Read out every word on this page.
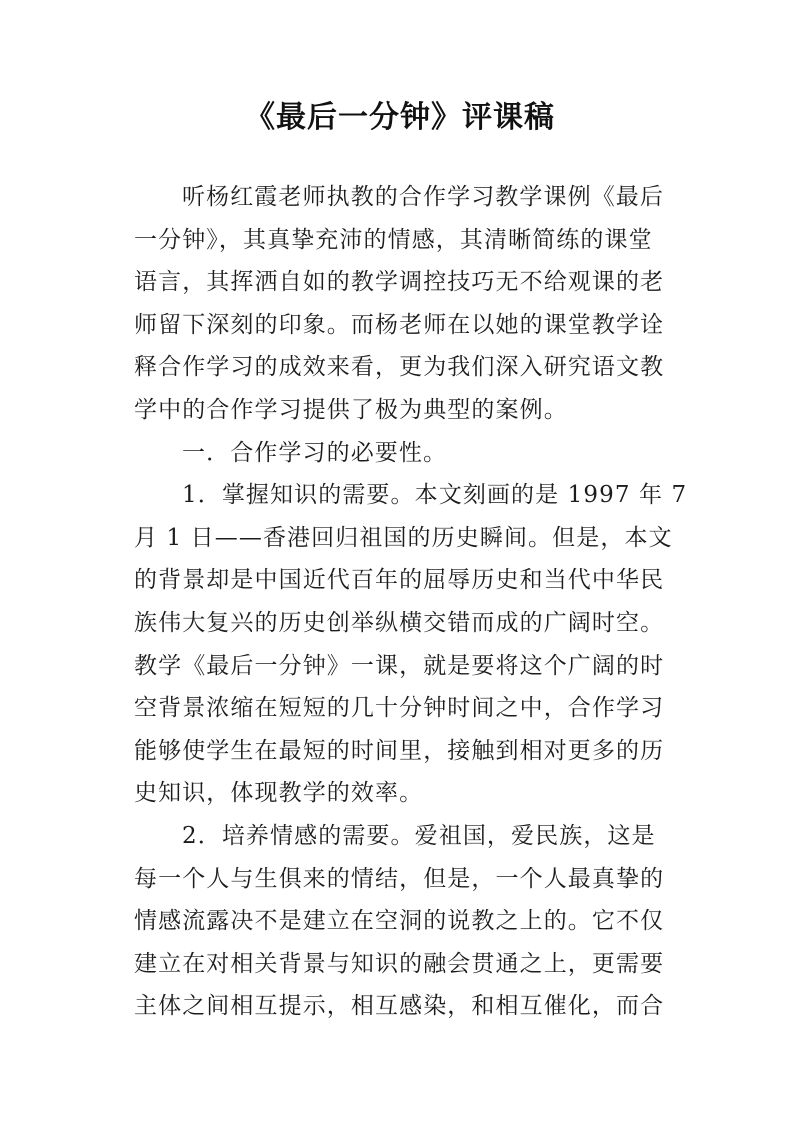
《最后一分钟》评课稿
听杨红霞老师执教的合作学习教学课例《最后
一分钟》，其真挚充沛的情感，其清晰简练的课堂
语言，其挥洒自如的教学调控技巧无不给观课的老
师留下深刻的印象。而杨老师在以她的课堂教学诠
释合作学习的成效来看，更为我们深入研究语文教
学中的合作学习提供了极为典型的案例。
一．合作学习的必要性。
1．掌握知识的需要。本文刻画的是 1997 年 7
月 1 日——香港回归祖国的历史瞬间。但是，本文
的背景却是中国近代百年的屈辱历史和当代中华民
族伟大复兴的历史创举纵横交错而成的广阔时空。
教学《最后一分钟》一课，就是要将这个广阔的时
空背景浓缩在短短的几十分钟时间之中，合作学习
能够使学生在最短的时间里，接触到相对更多的历
史知识，体现教学的效率。
2．培养情感的需要。爱祖国，爱民族，这是
每一个人与生俱来的情结，但是，一个人最真挚的
情感流露决不是建立在空洞的说教之上的。它不仅
建立在对相关背景与知识的融会贯通之上，更需要
主体之间相互提示，相互感染，和相互催化，而合
